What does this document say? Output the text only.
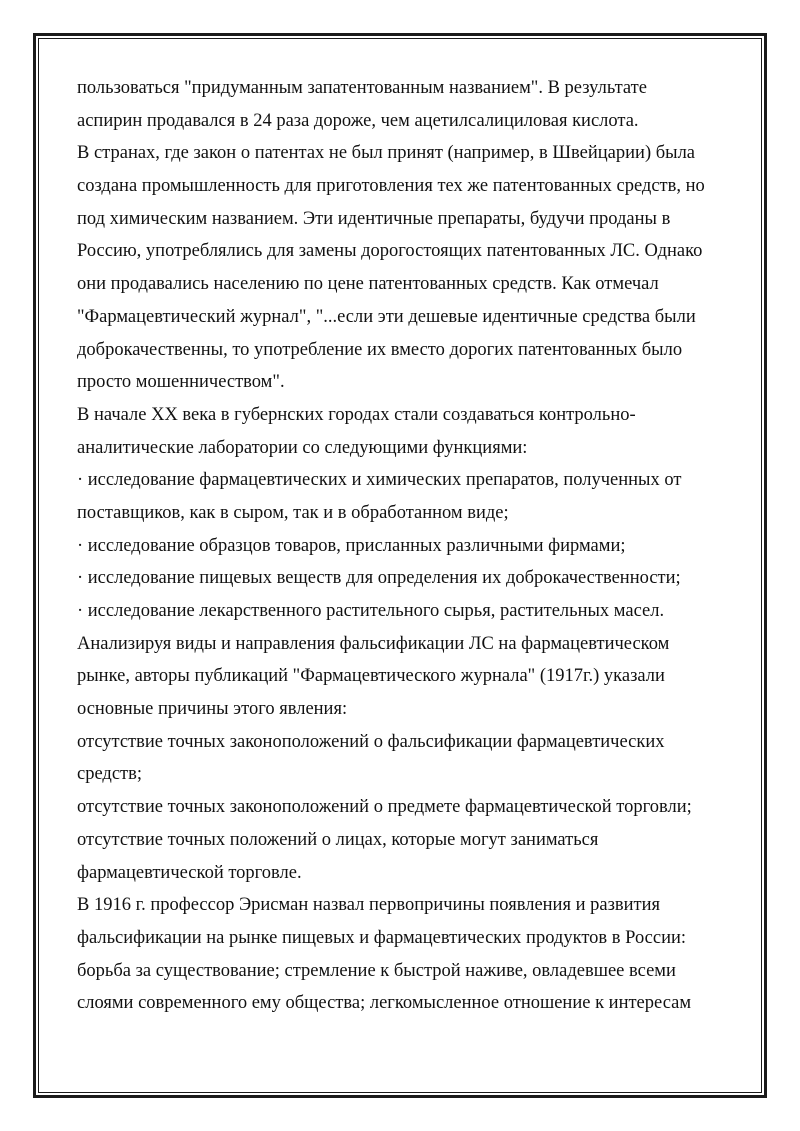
пользоваться "придуманным запатентованным названием". В результате

аспирин продавался в 24 раза дороже, чем ацетилсалициловая кислота.

В странах, где закон о патентах не был принят (например, в Швейцарии) была

создана промышленность для приготовления тех же патентованных средств, но

под химическим названием. Эти идентичные препараты, будучи проданы в

Россию, употреблялись для замены дорогостоящих патентованных ЛС. Однако

они продавались населению по цене патентованных средств. Как отмечал

"Фармацевтический журнал", "...если эти дешевые идентичные средства были

доброкачественны, то употребление их вместо дорогих патентованных было

просто мошенничеством".

В начале XX века в губернских городах стали создаваться контрольно-

аналитические лаборатории со следующими функциями:

· исследование фармацевтических и химических препаратов, полученных от

поставщиков, как в сыром, так и в обработанном виде;

· исследование образцов товаров, присланных различными фирмами;

· исследование пищевых веществ для определения их доброкачественности;

· исследование лекарственного растительного сырья, растительных масел.

Анализируя виды и направления фальсификации ЛС на фармацевтическом

рынке, авторы публикаций "Фармацевтического журнала" (1917г.) указали

основные причины этого явления:

отсутствие точных законоположений о фальсификации фармацевтических

средств;

отсутствие точных законоположений о предмете фармацевтической торговли;

отсутствие точных положений о лицах, которые могут заниматься

фармацевтической торговле.

В 1916 г. профессор Эрисман назвал первопричины появления и развития

фальсификации на рынке пищевых и фармацевтических продуктов в России:

борьба за существование; стремление к быстрой наживе, овладевшее всеми

слоями современного ему общества; легкомысленное отношение к интересам
